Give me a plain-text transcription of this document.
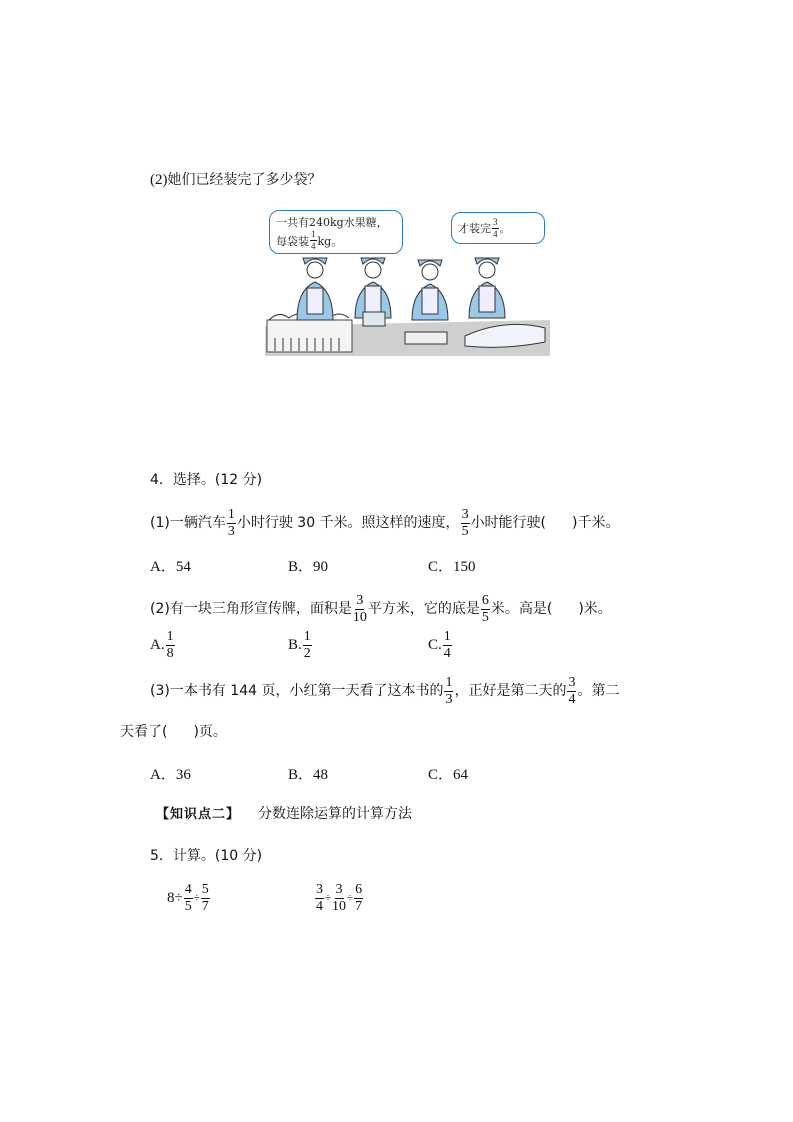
(2) 她们已经装完了多少袋？
一共有240kg水果糖，
每袋装 $\frac{1}{4}$ kg。
才装完 $\frac{3}{4}$ 。
4．选择。(12 分)
(1)一辆汽车 $\frac{1}{3}$ 小时行驶 30 千米。照这样的速度， $\frac{3}{5}$ 小时能行驶( )千米。
A．54	B．90	C．150
(2)有一块三角形宣传牌，面积是 $\frac{3}{10}$ 平方米，它的底是 $\frac{6}{5}$ 米。高是( )米。
A. $\frac{1}{8}$	B. $\frac{1}{2}$	C. $\frac{1}{4}$
(3)一本书有 144 页，小红第一天看了这本书的 $\frac{1}{3}$ ，正好是第二天的 $\frac{3}{4}$ 。第二
天看了( )页。
A．36	B．48	C．64
【知识点二】 分数连除运算的计算方法
5．计算。(10 分)
$8\div \frac{4}{5} \div \frac{5}{7}$	$\frac{3}{4} \div \frac{3}{10} \div \frac{6}{7}$
